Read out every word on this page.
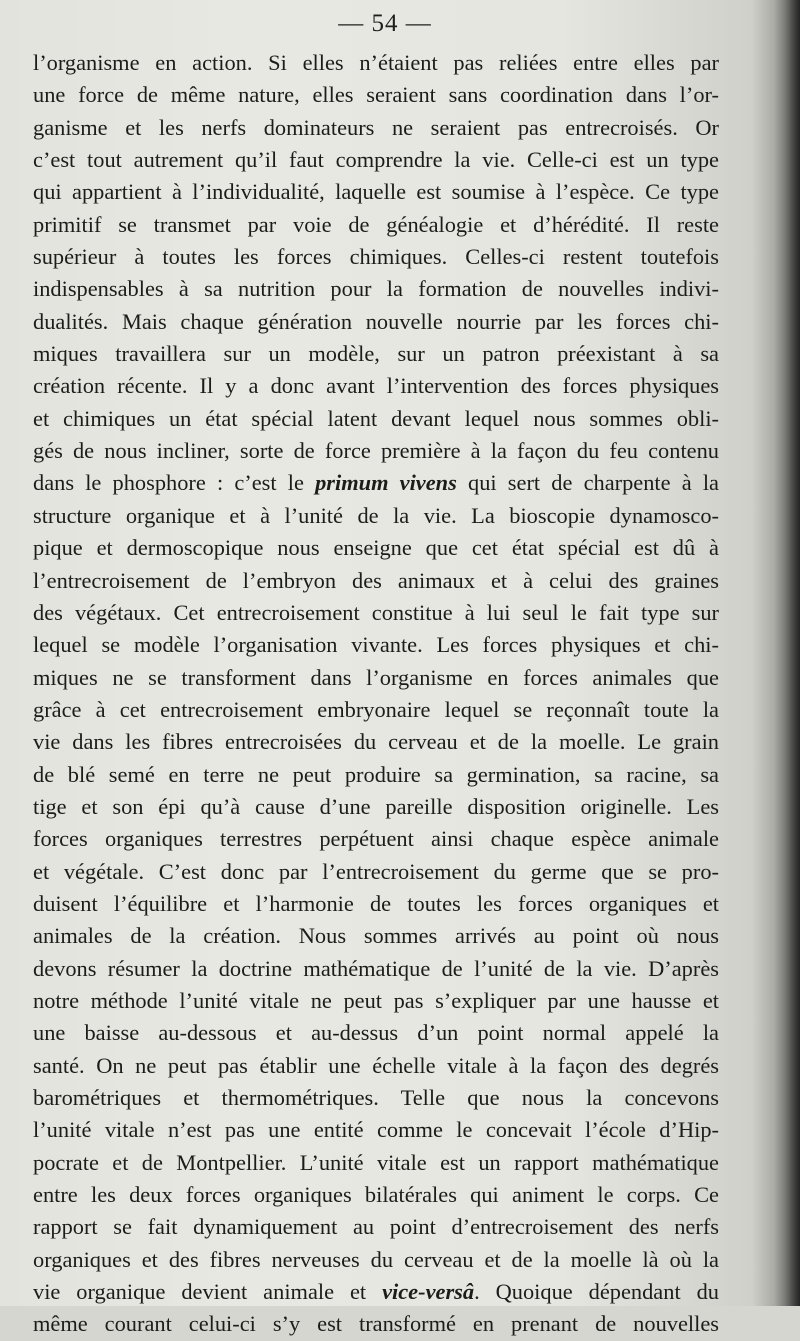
— 54 —
l’organisme en action. Si elles n’étaient pas reliées entre elles par
une force de même nature, elles seraient sans coordination dans l’or-
ganisme et les nerfs dominateurs ne seraient pas entrecroisés. Or
c’est tout autrement qu’il faut comprendre la vie. Celle-ci est un type
qui appartient à l’individualité, laquelle est soumise à l’espèce. Ce type
primitif se transmet par voie de généalogie et d’hérédité. Il reste
supérieur à toutes les forces chimiques. Celles-ci restent toutefois
indispensables à sa nutrition pour la formation de nouvelles indivi-
dualités. Mais chaque génération nouvelle nourrie par les forces chi-
miques travaillera sur un modèle, sur un patron préexistant à sa
création récente. Il y a donc avant l’intervention des forces physiques
et chimiques un état spécial latent devant lequel nous sommes obli-
gés de nous incliner, sorte de force première à la façon du feu contenu
dans le phosphore : c’est le primum vivens qui sert de charpente à la
structure organique et à l’unité de la vie. La bioscopie dynamosco-
pique et dermoscopique nous enseigne que cet état spécial est dû à
l’entrecroisement de l’embryon des animaux et à celui des graines
des végétaux. Cet entrecroisement constitue à lui seul le fait type sur
lequel se modèle l’organisation vivante. Les forces physiques et chi-
miques ne se transforment dans l’organisme en forces animales que
grâce à cet entrecroisement embryonaire lequel se reçonnaît toute la
vie dans les fibres entrecroisées du cerveau et de la moelle. Le grain
de blé semé en terre ne peut produire sa germination, sa racine, sa
tige et son épi qu’à cause d’une pareille disposition originelle. Les
forces organiques terrestres perpétuent ainsi chaque espèce animale
et végétale. C’est donc par l’entrecroisement du germe que se pro-
duisent l’équilibre et l’harmonie de toutes les forces organiques et
animales de la création. Nous sommes arrivés au point où nous
devons résumer la doctrine mathématique de l’unité de la vie. D’après
notre méthode l’unité vitale ne peut pas s’expliquer par une hausse et
une baisse au-dessous et au-dessus d’un point normal appelé la
santé. On ne peut pas établir une échelle vitale à la façon des degrés
barométriques et thermométriques. Telle que nous la concevons
l’unité vitale n’est pas une entité comme le concevait l’école d’Hip-
pocrate et de Montpellier. L’unité vitale est un rapport mathématique
entre les deux forces organiques bilatérales qui animent le corps. Ce
rapport se fait dynamiquement au point d’entrecroisement des nerfs
organiques et des fibres nerveuses du cerveau et de la moelle là où la
vie organique devient animale et vice-versâ. Quoique dépendant du
même courant celui-ci s’y est transformé en prenant de nouvelles
